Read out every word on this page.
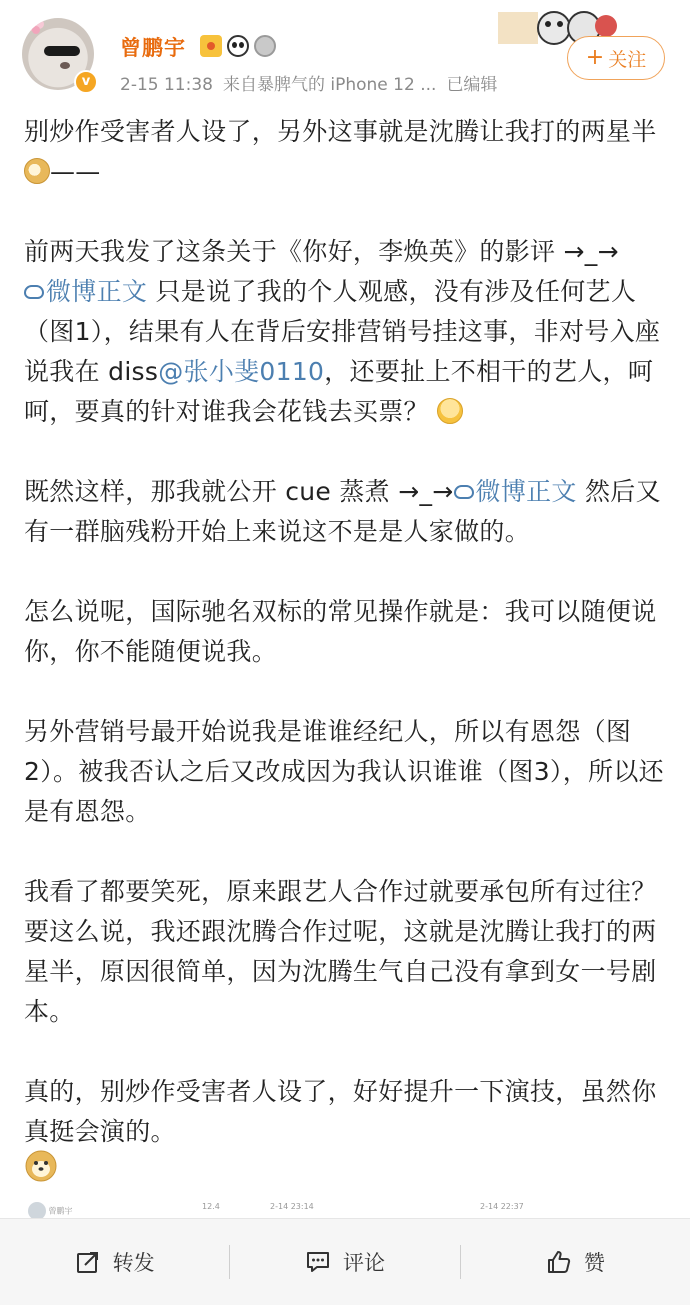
v
曾鹏宇
2-15 11:38 来自暴脾气的 iPhone 12 ... 已编辑
+ 关注

别炒作受害者人设了，另外这事就是沈腾让我打的两星半 ——

前两天我发了这条关于《你好，李焕英》的影评 →_→
微博正文 只是说了我的个人观感，没有涉及任何艺人（图1），结果有人在背后安排营销号挂这事，非对号入座说我在 diss@张小斐0110，还要扯上不相干的艺人，呵呵，要真的针对谁我会花钱去买票？

既然这样，那我就公开 cue 蒸煮 →_→ 微博正文 然后又有一群脑残粉开始上来说这不是是人家做的。

怎么说呢，国际驰名双标的常见操作就是：我可以随便说你，你不能随便说我。

另外营销号最开始说我是谁谁经纪人，所以有恩怨（图2）。被我否认之后又改成因为我认识谁谁（图3），所以还是有恩怨。

我看了都要笑死，原来跟艺人合作过就要承包所有过往？要这么说，我还跟沈腾合作过呢，这就是沈腾让我打的两星半，原因很简单，因为沈腾生气自己没有拿到女一号剧本。

真的，别炒作受害者人设了，好好提升一下演技，虽然你真挺会演的。

曾鹏宇	12.4	2-14 23:14	2-14 22:37
转发	评论	赞
